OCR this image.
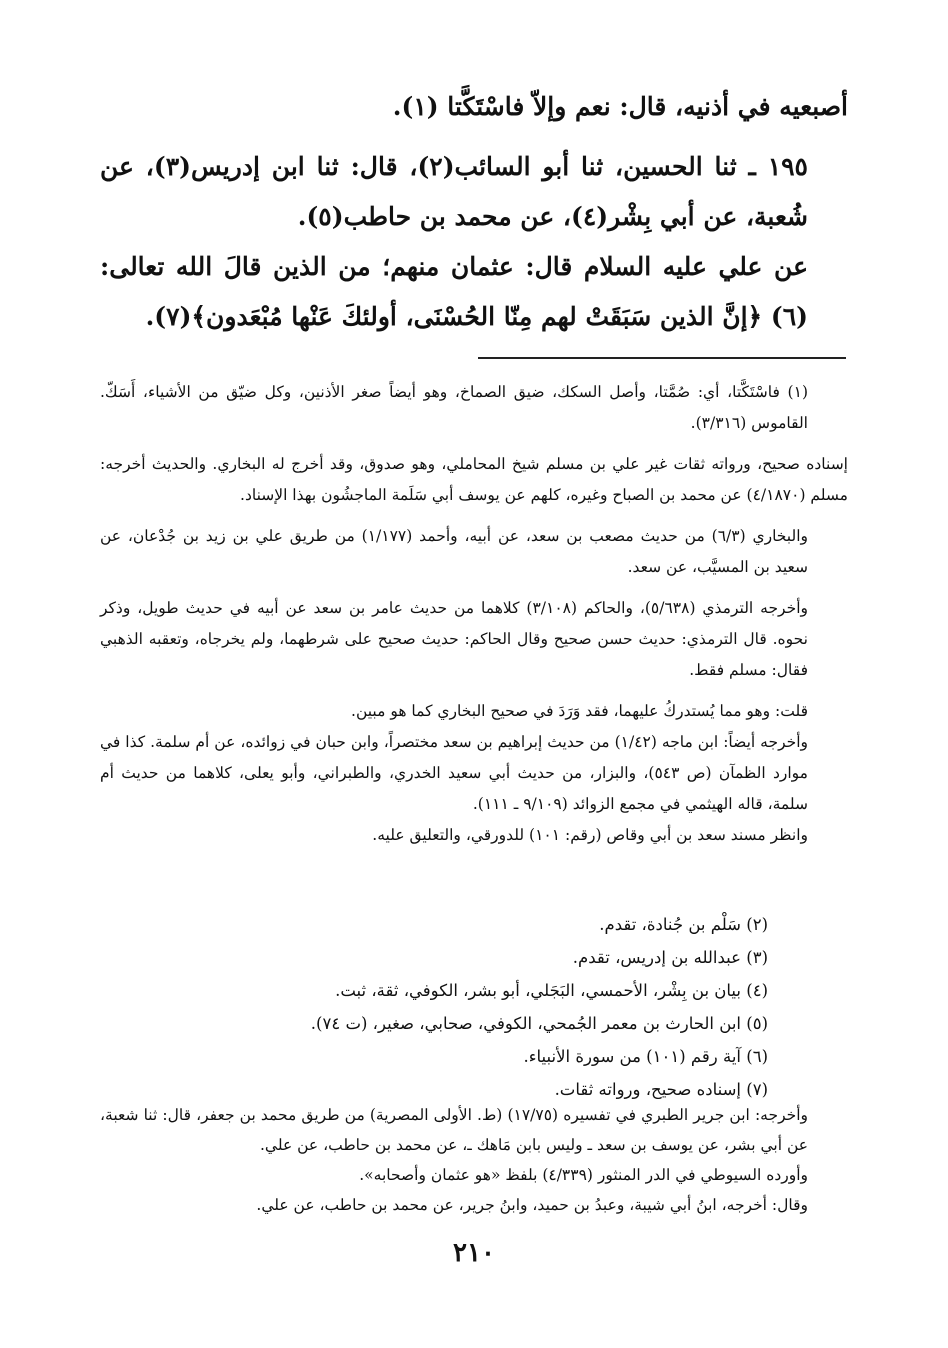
أصبعيه في أذنيه، قال: نعم وإلاّ فاسْتَكَّتا (١).

١٩٥ ـ ثنا الحسين، ثنا أبو السائب(٢)، قال: ثنا ابن إدريس(٣)، عن شُعبة، عن أبي بِشْر(٤)، عن محمد بن حاطب(٥).

عن علي عليه السلام قال: عثمان منهم؛ من الذين قالَ الله تعالى:(٦) ﴿إنَّ الذين سَبَقَتْ لهم مِنّا الحُسْنَى، أولئكَ عَنْها مُبْعَدون﴾(٧).

(١) فاسْتَكَّتا، أي: صُمَّتا، وأصل السكك، ضيق الصماخ، وهو أيضاً صغر الأذنين، وكل ضيّق من الأشياء، أَسَكّ. القاموس (٣/٣١٦).

إسناده صحيح، ورواته ثقات غير علي بن مسلم شيخ المحاملي، وهو صدوق، وقد أخرج له البخاري. والحديث أخرجه: مسلم (٤/١٨٧٠) عن محمد بن الصباح وغيره، كلهم عن يوسف أبي سَلَمة الماجشُون بهذا الإسناد.

والبخاري (٦/٣) من حديث مصعب بن سعد، عن أبيه، وأحمد (١/١٧٧) من طريق علي بن زيد بن جُدْعان، عن سعيد بن المسيَّب، عن سعد.

وأخرجه الترمذي (٥/٦٣٨)، والحاكم (٣/١٠٨) كلاهما من حديث عامر بن سعد عن أبيه في حديث طويل، وذكر نحوه. قال الترمذي: حديث حسن صحيح وقال الحاكم: حديث صحيح على شرطهما، ولم يخرجاه، وتعقبه الذهبي فقال: مسلم فقط.

قلت: وهو مما يُستدركُ عليهما، فقد وَرَدَ في صحيح البخاري كما هو مبين.

وأخرجه أيضاً: ابن ماجه (١/٤٢) من حديث إبراهيم بن سعد مختصراً، وابن حبان في زوائده، عن أم سلمة. كذا في موارد الظمآن (ص ٥٤٣)، والبزار، من حديث أبي سعيد الخدري، والطبراني، وأبو يعلى، كلاهما من حديث أم سلمة، قاله الهيثمي في مجمع الزوائد (٩/١٠٩ ـ ١١١).

وانظر مسند سعد بن أبي وقاص (رقم: ١٠١) للدورقي، والتعليق عليه.

(٢) سَلْم بن جُنادة، تقدم.

(٣) عبدالله بن إدريس، تقدم.

(٤) بيان بن بِشْر، الأحمسي، البَجَلي، أبو بشر، الكوفي، ثقة، ثبت.

(٥) ابن الحارث بن معمر الجُمحي، الكوفي، صحابي، صغير، (ت ٧٤).

(٦) آية رقم (١٠١) من سورة الأنبياء.

(٧) إسناده صحيح، ورواته ثقات.

وأخرجه: ابن جرير الطبري في تفسيره (١٧/٧٥) (ط. الأولى المصرية) من طريق محمد بن جعفر، قال: ثنا شعبة، عن أبي بشر، عن يوسف بن سعد ـ وليس بابن مَاهك ـ، عن محمد بن حاطب، عن علي.

وأورده السيوطي في الدر المنثور (٤/٣٣٩) بلفظ «هو عثمان وأصحابه».

وقال: أخرجه، ابنُ أبي شيبة، وعبدُ بن حميد، وابنُ جرير، عن محمد بن حاطب، عن علي.

٢١٠
